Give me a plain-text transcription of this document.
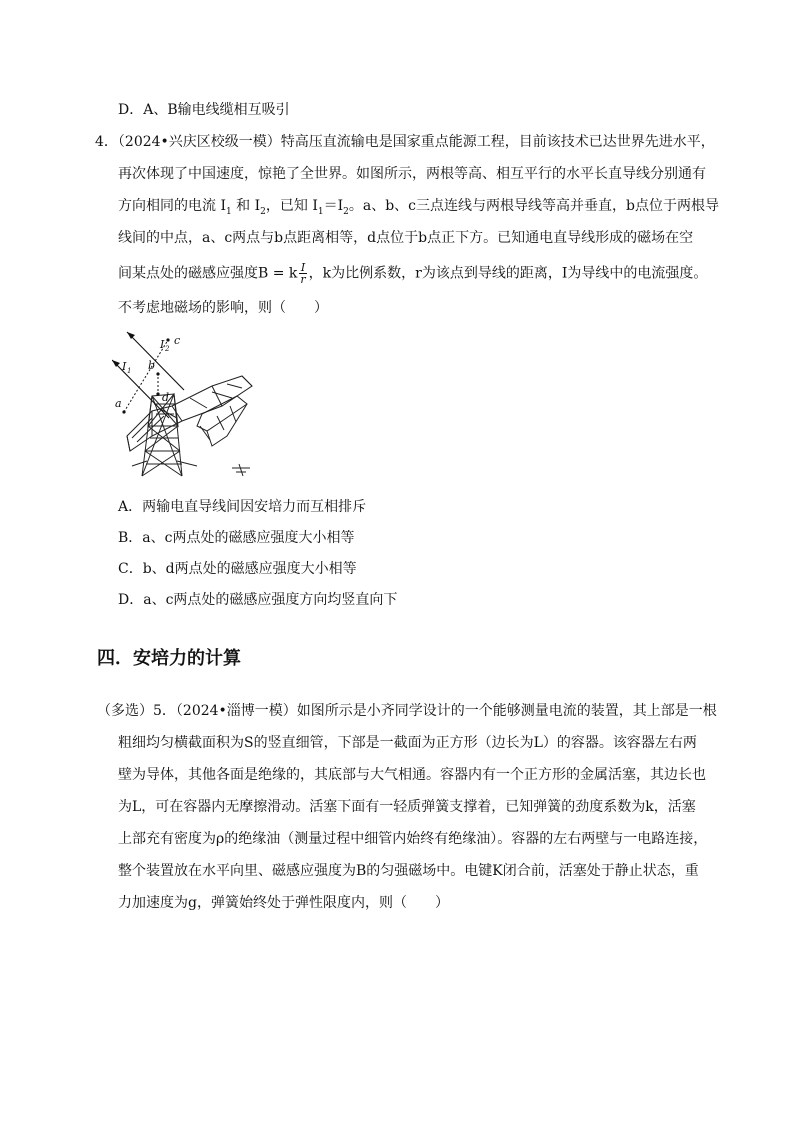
D．A、B输电线缆相互吸引
4．（2024•兴庆区校级一模）特高压直流输电是国家重点能源工程，目前该技术已达世界先进水平，
再次体现了中国速度，惊艳了全世界。如图所示，两根等高、相互平行的水平长直导线分别通有
方向相同的电流 $I_1$ 和 $I_2$，已知 $I_1=I_2$。a、b、c三点连线与两根导线等高并垂直，b点位于两根导
线间的中点，a、c两点与b点距离相等，d点位于b点正下方。已知通电直导线形成的磁场在空
间某点处的磁感应强度B = k $\frac{I}{r}$ ，k为比例系数，r为该点到导线的距离，I为导线中的电流强度。
不考虑地磁场的影响，则（　　）
I 2
I 1
a
b
c
d
A．两输电直导线间因安培力而互相排斥
B．a、c两点处的磁感应强度大小相等
C．b、d两点处的磁感应强度大小相等
D．a、c两点处的磁感应强度方向均竖直向下
四．安培力的计算
（多选）5．（2024•淄博一模）如图所示是小齐同学设计的一个能够测量电流的装置，其上部是一根
粗细均匀横截面积为S的竖直细管，下部是一截面为正方形（边长为L）的容器。该容器左右两
壁为导体，其他各面是绝缘的，其底部与大气相通。容器内有一个正方形的金属活塞，其边长也
为L，可在容器内无摩擦滑动。活塞下面有一轻质弹簧支撑着，已知弹簧的劲度系数为k，活塞
上部充有密度为ρ的绝缘油（测量过程中细管内始终有绝缘油）。容器的左右两壁与一电路连接，
整个装置放在水平向里、磁感应强度为B的匀强磁场中。电键K闭合前，活塞处于静止状态，重
力加速度为g，弹簧始终处于弹性限度内，则（　　）
